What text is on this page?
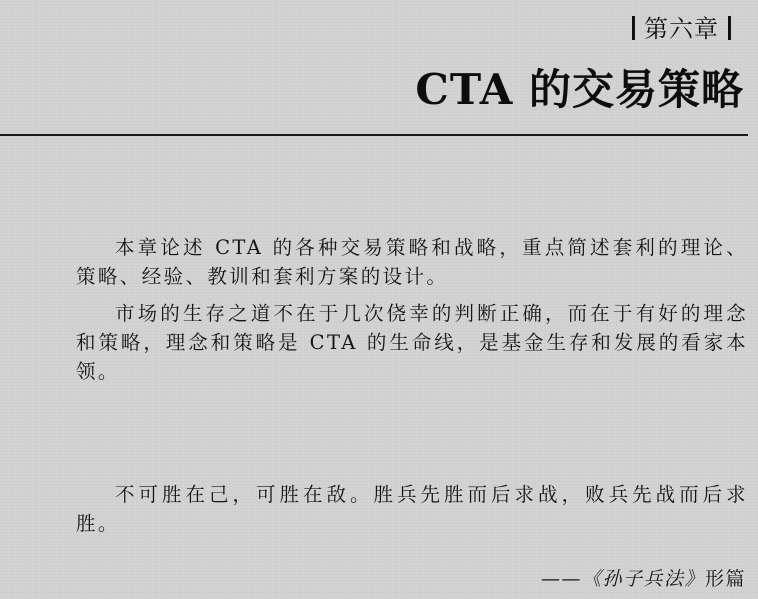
第六章
CTA 的交易策略

本章论述 CTA 的各种交易策略和战略，重点简述套利的理论、策略、经验、教训和套利方案的设计。

市场的生存之道不在于几次侥幸的判断正确，而在于有好的理念和策略，理念和策略是 CTA 的生命线，是基金生存和发展的看家本领。

不可胜在己，可胜在敌。胜兵先胜而后求战，败兵先战而后求胜。

——《孙子兵法》形篇
